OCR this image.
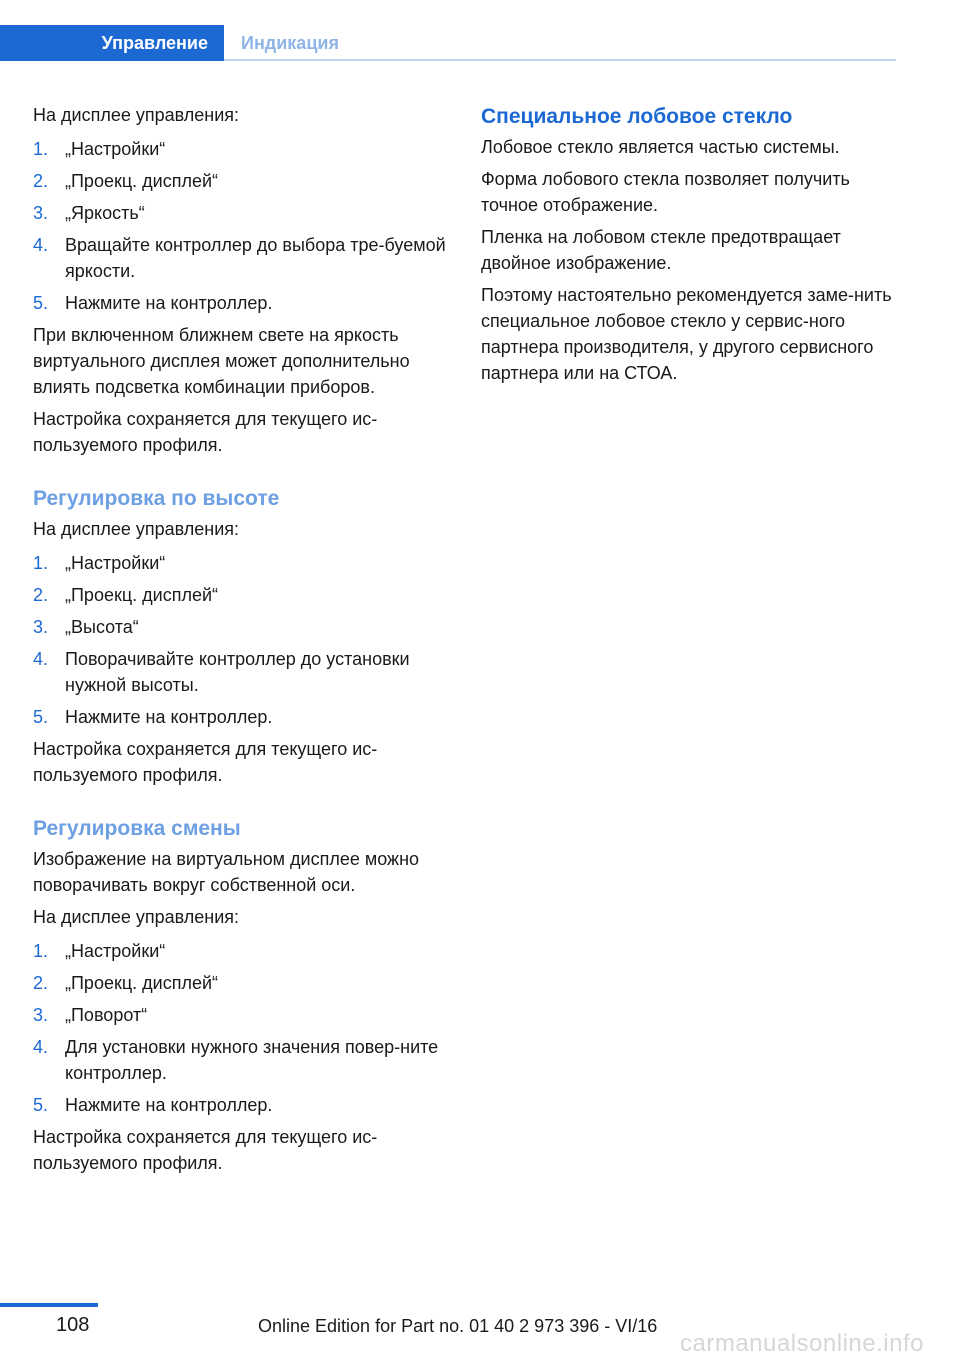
Управление Индикация

На дисплее управления:

1. „Настройки“
2. „Проекц. дисплей“
3. „Яркость“
4. Вращайте контроллер до выбора тре‐буемой яркости.
5. Нажмите на контроллер.

При включенном ближнем свете на яркость виртуального дисплея может дополнительно влиять подсветка комбинации приборов.

Настройка сохраняется для текущего ис‐пользуемого профиля.

Регулировка по высоте

На дисплее управления:

1. „Настройки“
2. „Проекц. дисплей“
3. „Высота“
4. Поворачивайте контроллер до установки нужной высоты.
5. Нажмите на контроллер.

Настройка сохраняется для текущего ис‐пользуемого профиля.

Регулировка смены

Изображение на виртуальном дисплее можно поворачивать вокруг собственной оси.

На дисплее управления:

1. „Настройки“
2. „Проекц. дисплей“
3. „Поворот“
4. Для установки нужного значения повер‐ните контроллер.
5. Нажмите на контроллер.

Настройка сохраняется для текущего ис‐пользуемого профиля.

Специальное лобовое стекло

Лобовое стекло является частью системы.

Форма лобового стекла позволяет получить точное отображение.

Пленка на лобовом стекле предотвращает двойное изображение.

Поэтому настоятельно рекомендуется заме‐нить специальное лобовое стекло у сервис‐ного партнера производителя, у другого сервисного партнера или на СТОА.

108	Online Edition for Part no. 01 40 2 973 396 - VI/16
carmanualsonline.info
